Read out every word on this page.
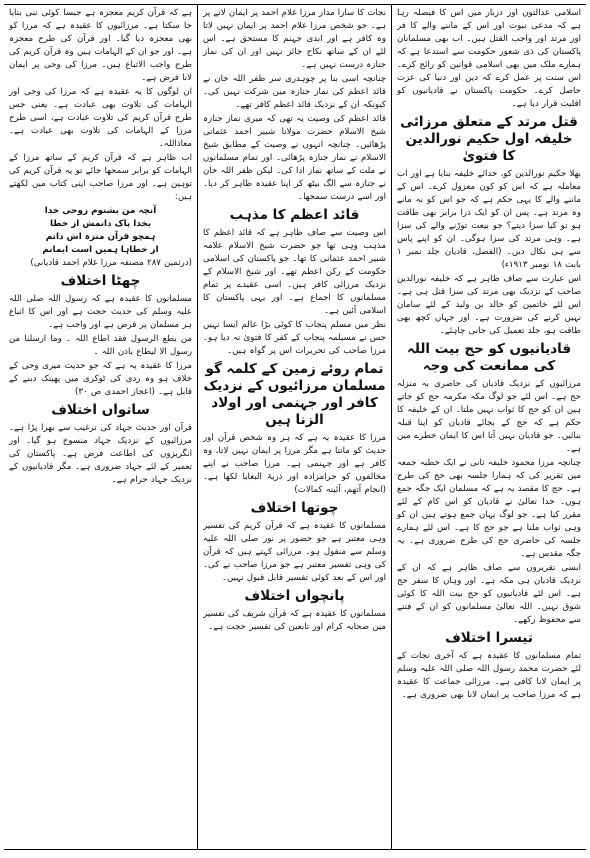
اسلامی عدالتوں اور دربار میں اس کا فیصلہ رہا ہے کہ مدعی نبوت اور اس کے ماننے والے کا فر اور مرتد اور واجب القتل ہیں۔ اب بھی مسلمانان پاکستان کی ذی شعور حکومت سے استدعا ہے کہ ہمارے ملک میں بھی اسلامی قوانین کو رائج کرے۔ اس سنت پر عمل کرے کہ دین اور دنیا کی عزت حاصل کرے۔ حکومت پاکستان نے قادیانیوں کو اقلیت قرار دیا ہے۔

قتل مرتد کے متعلق مرزائی خلیفہ اول حکیم نورالدین کا فتویٰ

بھلا حکیم نورالدین کو، خدائے خلیفہ بنایا ہے اور اب معاملہ ہے کہ اس کو کون معزول کرے۔ اس کے ماننے والے کا یہی حکم ہے کہ جو اس کو نہ مانے وہ مرتد ہے۔ پس ان کو ایک ذرا برابر بھی طاقت ہو تو کیا سزا دیتے؟ جو بیعت توڑنے والے کی سزا ہے۔ وہی مرتد کی سزا ہوگی۔ ان کو اپنے پاس سے ہی نکال دیں۔ (الفضل، قادیان جلد نمبر ۱ بابت ۱۸ نومبر ۱۹۱۳ء)

اس عبارت سے صاف ظاہر ہے کہ خلیفہ نورالدین صاحب کے نزدیک بھی مرتد کی سزا قتل ہی ہے۔ اس لئے خاتمین کو خالد بن ولید کے لئے سامان نہیں کرنے کی ضرورت ہے۔ اور جہاں کچھ بھی طاقت ہو، جلد تعمیل کی جانی چاہئے۔

قادیانیوں کو حج بیت اللہ کی ممانعت کی وجہ

مرزائیوں کے نزدیک قادیان کی حاضری بہ منزلہ حج ہے۔ اس لئے جو لوگ مکہ مکرمہ حج کو جاتے ہیں ان کو حج کا ثواب نہیں ملتا۔ ان کے خلیفہ کا حکم ہے کہ حج کے بجائے قادیان کو اپنا قبلہ بنائیں۔ جو قادیان نہیں آتا اس کا ایمان خطرے میں ہے۔

چنانچہ مرزا محمود خلیفہ ثانی نے ایک خطبہ جمعہ میں تقریر کی کہ ہمارا جلسہ بھی حج کی طرح ہے۔ حج کا مقصد یہ ہے کہ مسلمان ایک جگہ جمع ہوں۔ خدا تعالیٰ نے قادیان کو اس کام کے لئے مقرر کیا ہے۔ جو لوگ یہاں جمع ہوتے ہیں ان کو وہی ثواب ملتا ہے جو حج کا ہے۔ اس لئے ہمارے جلسہ کی حاضری حج کی طرح ضروری ہے۔ یہ جگہ مقدس ہے۔

ایسی تقریروں سے صاف ظاہر ہے کہ ان کے نزدیک قادیان ہی مکہ ہے۔ اور وہاں کا سفر حج ہے۔ اس لئے قادیانیوں کو حج بیت اللہ کا کوئی شوق نہیں۔ اللہ تعالیٰ مسلمانوں کو ان کے فتنے سے محفوظ رکھے۔

تیسرا اختلاف

تمام مسلمانوں کا عقیدہ ہے کہ آخری نجات کے لئے حضرت محمد رسول اللہ صلی اللہ علیہ وسلم پر ایمان لانا کافی ہے۔ مرزائی جماعت کا عقیدہ ہے کہ مرزا صاحب پر ایمان لانا بھی ضروری ہے۔

نجات کا سارا مدار مرزا غلام احمد پر ایمان لانے پر ہے۔ جو شخص مرزا غلام احمد پر ایمان نہیں لاتا وہ کافر ہے اور ابدی جہنم کا مستحق ہے۔ اس لئے ان کے ساتھ نکاح جائز نہیں اور ان کی نماز جنازہ درست نہیں ہے۔

چنانچہ اسی بنا پر چوہدری سر ظفر اللہ خان نے قائد اعظم کی نماز جنازہ میں شرکت نہیں کی۔ کیونکہ ان کے نزدیک قائد اعظم کافر تھے۔

قائد اعظم کی وصیت یہ تھی کہ میری نماز جنازہ شیخ الاسلام حضرت مولانا شبیر احمد عثمانی پڑھائیں۔ چنانچہ انہوں نے وصیت کے مطابق شیخ الاسلام نے نماز جنازہ پڑھائی۔ اور تمام مسلمانوں نے ملت کے ساتھ نماز ادا کی۔ لیکن ظفر اللہ خان نے جنازہ سے الگ بیٹھ کر اپنا عقیدہ ظاہر کر دیا۔ اور اسے درست سمجھا۔

قائد اعظم کا مذہب

اس وصیت سے صاف ظاہر ہے کہ قائد اعظم کا مذہب وہی تھا جو حضرت شیخ الاسلام علامہ شبیر احمد عثمانی کا تھا۔ جو پاکستان کی اسلامی حکومت کے رکن اعظم تھے۔ اور شیخ الاسلام کے نزدیک مرزائی کافر ہیں۔ اسی عقیدے پر تمام مسلمانوں کا اجماع ہے۔ اور یہی پاکستان کا اسلامی آئین ہے۔

نظر میں مسلم پنجاب کا کوئی بڑا عالم ایسا نہیں جس نے مسیلمہ پنجاب کے کفر کا فتویٰ نہ دیا ہو۔ مرزا صاحب کی تحریرات اس پر گواہ ہیں۔

تمام روئے زمین کے کلمہ گو مسلمان مرزائیوں کے نزدیک کافر اور جہنمی اور اولاد الزنا ہیں

مرزا کا عقیدہ یہ ہے کہ ہر وہ شخص قرآن اور حدیث کو مانتا ہے مگر مرزا پر ایمان نہیں لاتا، وہ کافر ہے اور جہنمی ہے۔ مرزا صاحب نے اپنے مخالفوں کو حرامزادہ اور ذریۃ البغایا لکھا ہے۔ (انجام آتھم، آئینہ کمالات)

چوتھا اختلاف

مسلمانوں کا عقیدہ ہے کہ قرآن کریم کی تفسیر وہی معتبر ہے جو حضور پر نور صلی اللہ علیہ وسلم سے منقول ہو۔ مرزائی کہتے ہیں کہ قرآن کی وہی تفسیر معتبر ہے جو مرزا صاحب نے کی۔ اور اس کے بعد کوئی تفسیر قابل قبول نہیں۔

پانچواں اختلاف

مسلمانوں کا عقیدہ ہے کہ قرآن شریف کی تفسیر میں صحابہ کرام اور تابعین کی تفسیر حجت ہے۔

ہے کہ قرآن کریم معجزہ ہے جیسا کوئی نبی بنایا جا سکتا ہے۔ مرزائیوں کا عقیدہ ہے کہ مرزا کو بھی معجزہ دیا گیا۔ اور قرآن کی طرح معجزہ ہے۔ اور جو ان کے الہامات ہیں وہ قرآن کریم کی طرح واجب الاتباع ہیں۔ مرزا کی وحی پر ایمان لانا فرض ہے۔

ان لوگوں کا یہ عقیدہ ہے کہ مرزا کی وحی اور الہامات کی تلاوت بھی عبادت ہے۔ یعنی جس طرح قرآن کریم کی تلاوت عبادت ہے، اسی طرح مرزا کے الہامات کی تلاوت بھی عبادت ہے۔ معاذاللہ۔

اب ظاہر ہے کہ قرآن کریم کے ساتھ مرزا کے الہامات کو برابر سمجھا جائے تو یہ قرآن کریم کی توہین ہے۔ اور مرزا صاحب اپنی کتاب میں لکھتے ہیں:

آنچہ من بشنوم زوحی خدا
بخدا پاک دانمش از خطا
ہمچو قرآن منزہ اش دانم
از خطاہا ہمیں است ایمانم

(درثمین ۲۸۷ مصنفہ مرزا غلام احمد قادیانی)

چھٹا اختلاف

مسلمانوں کا عقیدہ ہے کہ رسول اللہ صلی اللہ علیہ وسلم کی حدیث حجت ہے اور اس کا اتباع ہر مسلمان پر فرض ہے اور واجب ہے۔

من یطع الرسول فقد اطاع اللہ ۔ وما ارسلنا من رسول الا لیطاع باذن اللہ ۔

مرزا کا عقیدہ یہ ہے کہ جو حدیث میری وحی کے خلاف ہو وہ ردی کی ٹوکری میں پھینک دینے کے قابل ہے۔ (اعجاز احمدی ص ۳۰)

ساتواں اختلاف

قرآن اور حدیث جہاد کی ترغیب سے بھرا پڑا ہے۔ مرزائیوں کے نزدیک جہاد منسوخ ہو گیا۔ اور انگریزوں کی اطاعت فرض ہے۔ پاکستان کی تعمیر کے لئے جہاد ضروری ہے۔ مگر قادیانیوں کے نزدیک جہاد حرام ہے۔
